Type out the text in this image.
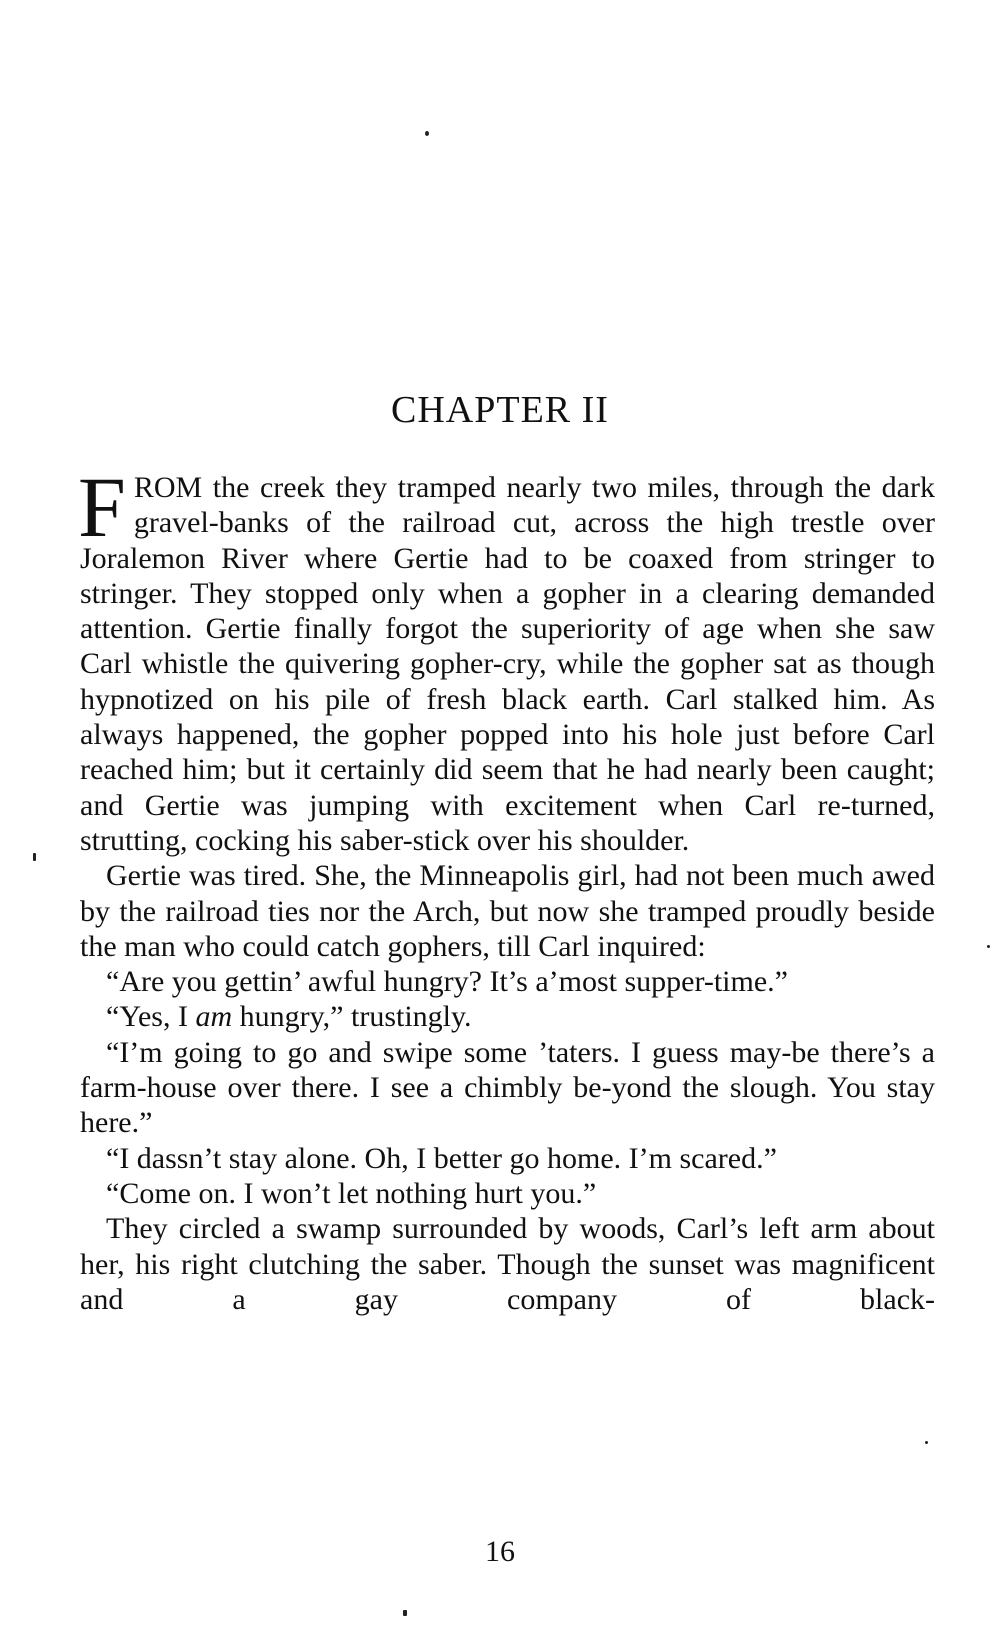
CHAPTER II

FROM the creek they tramped nearly two miles, through the dark gravel-banks of the railroad cut, across the high trestle over Joralemon River where Gertie had to be coaxed from stringer to stringer. They stopped only when a gopher in a clearing demanded attention. Gertie finally forgot the superiority of age when she saw Carl whistle the quivering gopher-cry, while the gopher sat as though hypnotized on his pile of fresh black earth. Carl stalked him. As always happened, the gopher popped into his hole just before Carl reached him; but it certainly did seem that he had nearly been caught; and Gertie was jumping with excitement when Carl re-turned, strutting, cocking his saber-stick over his shoulder.

Gertie was tired. She, the Minneapolis girl, had not been much awed by the railroad ties nor the Arch, but now she tramped proudly beside the man who could catch gophers, till Carl inquired:

“Are you gettin’ awful hungry? It’s a’most supper-time.”

“Yes, I am hungry,” trustingly.

“I’m going to go and swipe some ’taters. I guess may-be there’s a farm-house over there. I see a chimbly be-yond the slough. You stay here.”

“I dassn’t stay alone. Oh, I better go home. I’m scared.”

“Come on. I won’t let nothing hurt you.”

They circled a swamp surrounded by woods, Carl’s left arm about her, his right clutching the saber. Though the sunset was magnificent and a gay company of black-

16
